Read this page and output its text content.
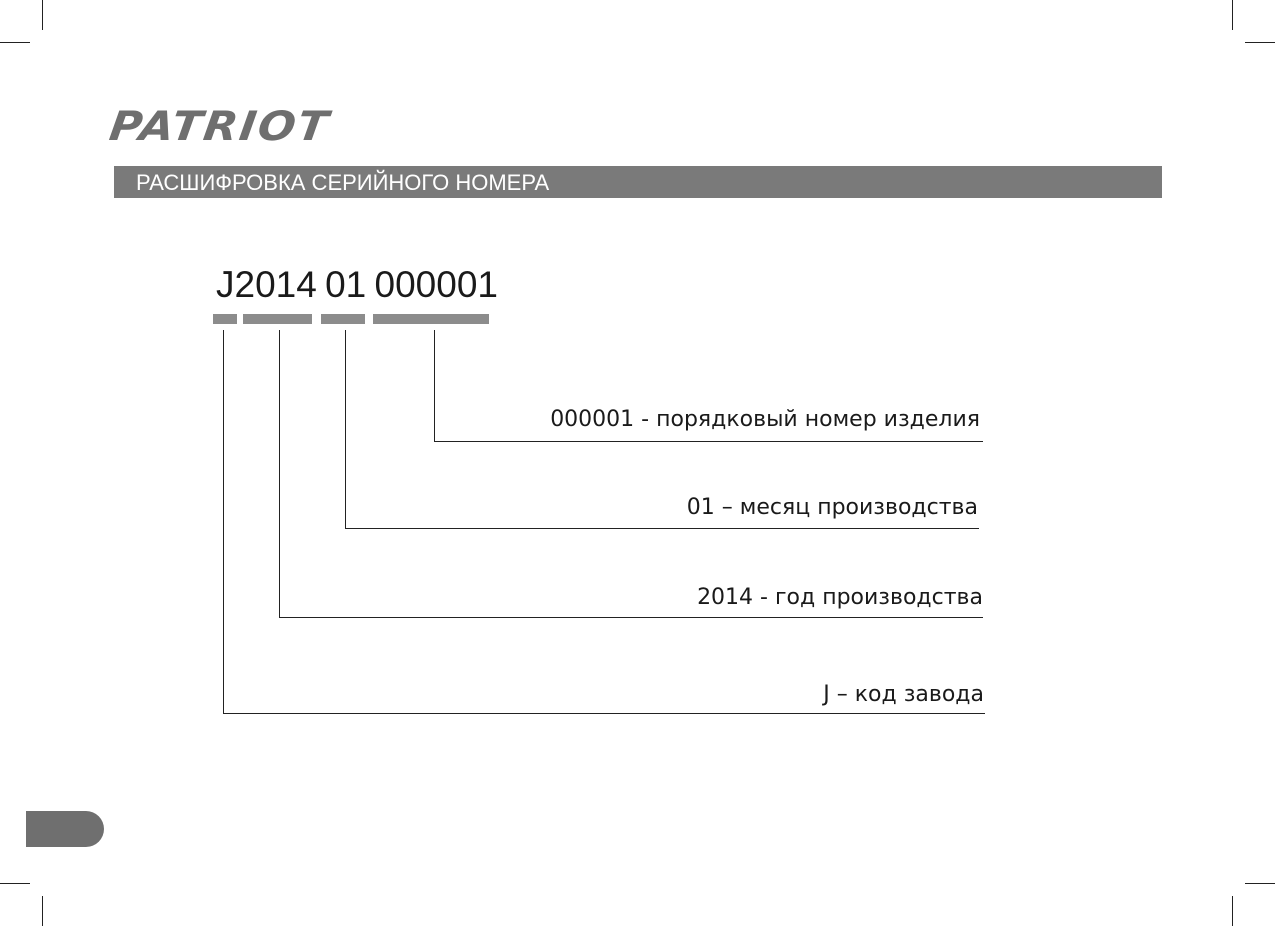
PATRIOT
РАСШИФРОВКА СЕРИЙНОГО НОМЕРА
J2014 01 000001
000001 - порядковый номер изделия
01 – месяц производства
2014 - год производства
J – код завода
